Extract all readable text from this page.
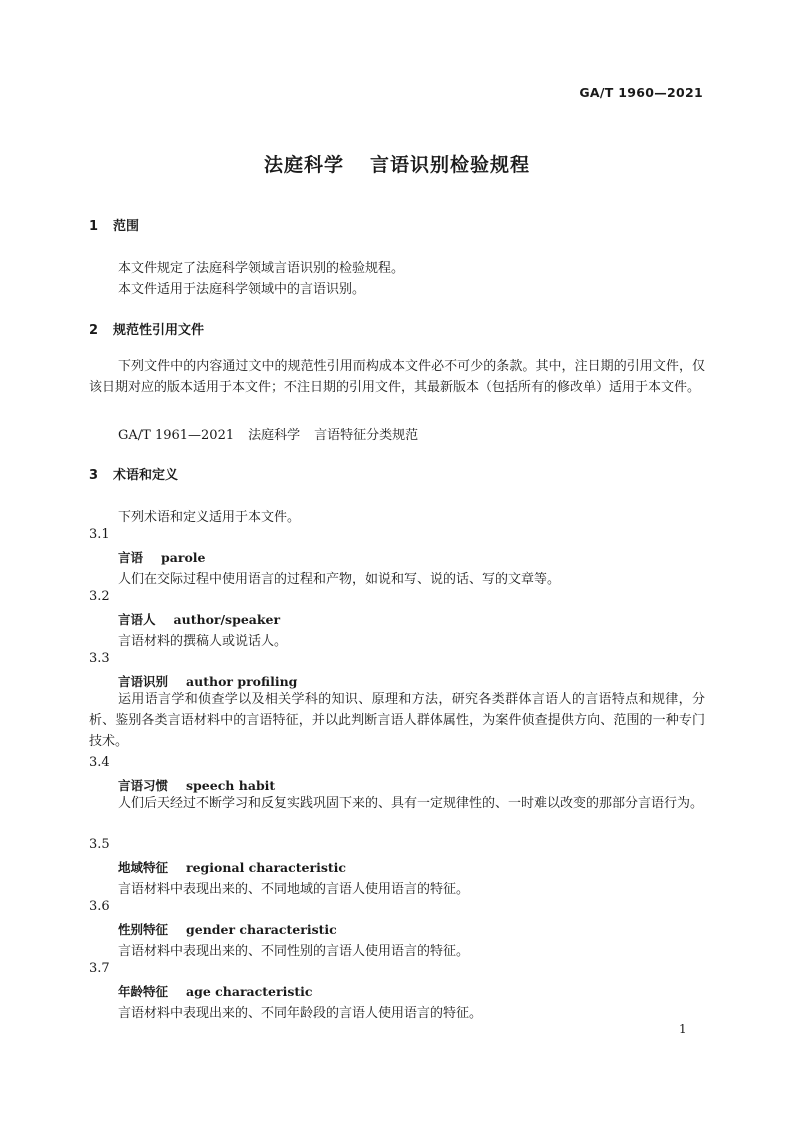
GA/T 1960—2021
法庭科学 言语识别检验规程
1 范围
本文件规定了法庭科学领域言语识别的检验规程。
本文件适用于法庭科学领域中的言语识别。
2 规范性引用文件
下列文件中的内容通过文中的规范性引用而构成本文件必不可少的条款。其中，注日期的引用文件，仅该日期对应的版本适用于本文件；不注日期的引用文件，其最新版本（包括所有的修改单）适用于本文件。
GA/T 1961—2021 法庭科学 言语特征分类规范
3 术语和定义
下列术语和定义适用于本文件。
3.1
言语 parole
人们在交际过程中使用语言的过程和产物，如说和写、说的话、写的文章等。
3.2
言语人 author/speaker
言语材料的撰稿人或说话人。
3.3
言语识别 author profiling
运用语言学和侦查学以及相关学科的知识、原理和方法，研究各类群体言语人的言语特点和规律，分析、鉴别各类言语材料中的言语特征，并以此判断言语人群体属性，为案件侦查提供方向、范围的一种专门技术。
3.4
言语习惯 speech habit
人们后天经过不断学习和反复实践巩固下来的、具有一定规律性的、一时难以改变的那部分言语行为。
3.5
地域特征 regional characteristic
言语材料中表现出来的、不同地域的言语人使用语言的特征。
3.6
性别特征 gender characteristic
言语材料中表现出来的、不同性别的言语人使用语言的特征。
3.7
年龄特征 age characteristic
言语材料中表现出来的、不同年龄段的言语人使用语言的特征。
1
